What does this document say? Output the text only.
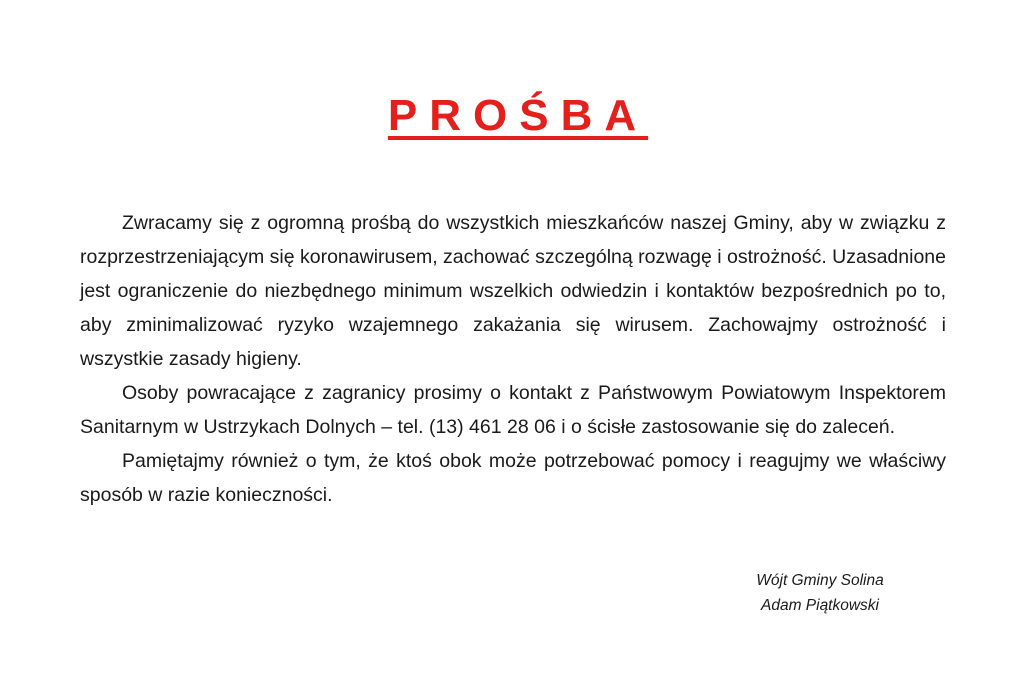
PROŚBA

Zwracamy się z ogromną prośbą do wszystkich mieszkańców naszej Gminy, aby w związku z rozprzestrzeniającym się koronawirusem, zachować szczególną rozwagę i ostrożność. Uzasadnione jest ograniczenie do niezbędnego minimum wszelkich odwiedzin i kontaktów bezpośrednich po to, aby zminimalizować ryzyko wzajemnego zakażania się wirusem. Zachowajmy ostrożność i wszystkie zasady higieny.

Osoby powracające z zagranicy prosimy o kontakt z Państwowym Powiatowym Inspektorem Sanitarnym w Ustrzykach Dolnych – tel. (13) 461 28 06 i o ścisłe zastosowanie się do zaleceń.

Pamiętajmy również o tym, że ktoś obok może potrzebować pomocy i reagujmy we właściwy sposób w razie konieczności.

Wójt Gminy Solina
Adam Piątkowski
